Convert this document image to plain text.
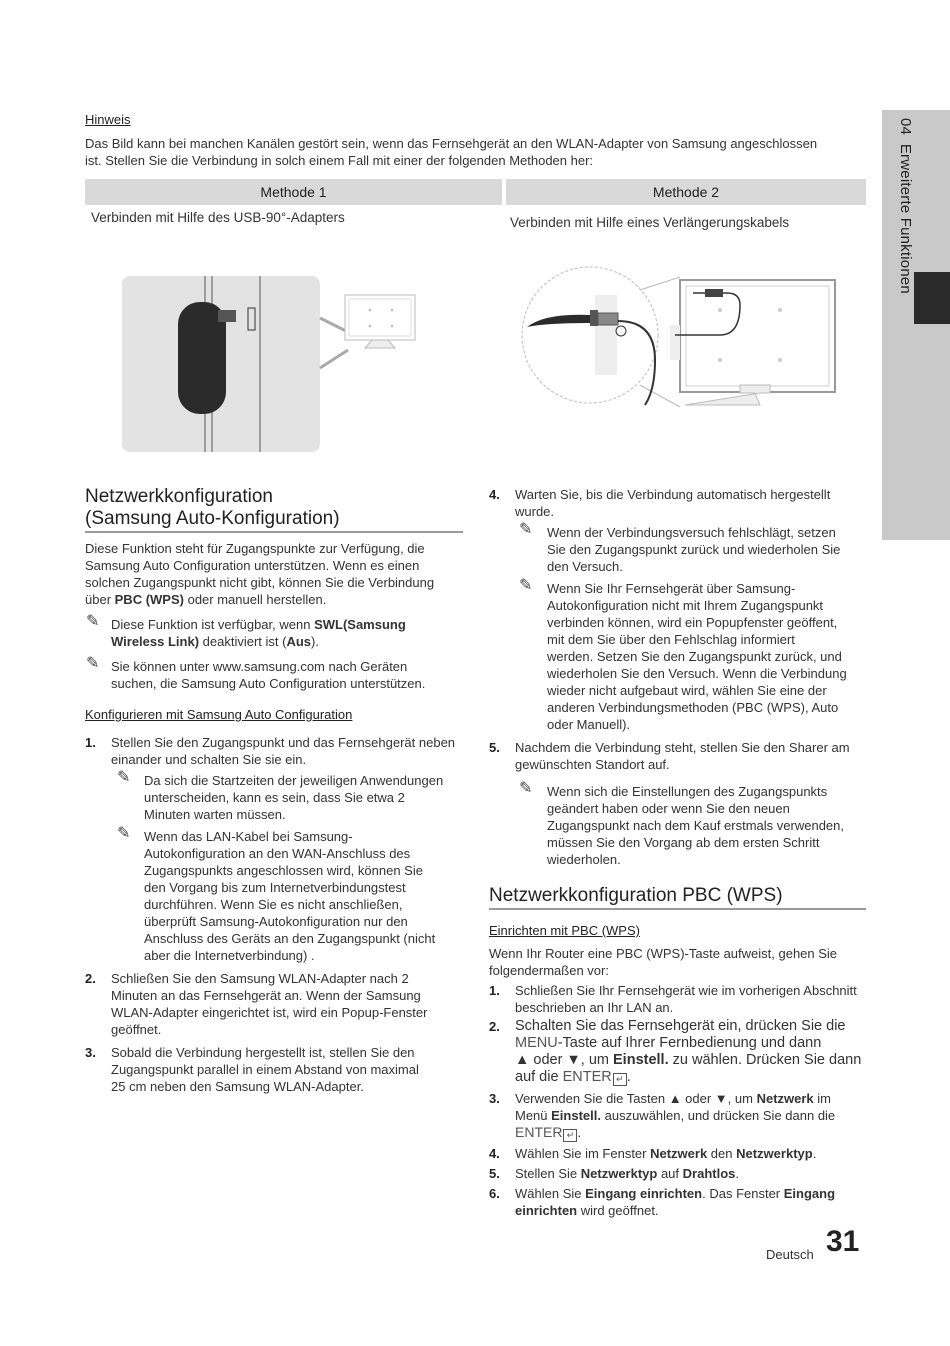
04  Erweiterte Funktionen
Hinweis
Das Bild kann bei manchen Kanälen gestört sein, wenn das Fernsehgerät an den WLAN-Adapter von Samsung angeschlossen
ist. Stellen Sie die Verbindung in solch einem Fall mit einer der folgenden Methoden her:
Methode 1	Methode 2
Verbinden mit Hilfe des USB-90°-Adapters	Verbinden mit Hilfe eines Verlängerungskabels
Netzwerkkonfiguration
(Samsung Auto-Konfiguration)
Diese Funktion steht für Zugangspunkte zur Verfügung, die
Samsung Auto Configuration unterstützen. Wenn es einen
solchen Zugangspunkt nicht gibt, können Sie die Verbindung
über PBC (WPS) oder manuell herstellen.
✎ Diese Funktion ist verfügbar, wenn SWL(Samsung
Wireless Link) deaktiviert ist (Aus).
✎ Sie können unter www.samsung.com nach Geräten
suchen, die Samsung Auto Configuration unterstützen.
Konfigurieren mit Samsung Auto Configuration
1. Stellen Sie den Zugangspunkt und das Fernsehgerät neben
einander und schalten Sie sie ein.
✎ Da sich die Startzeiten der jeweiligen Anwendungen
unterscheiden, kann es sein, dass Sie etwa 2
Minuten warten müssen.
✎ Wenn das LAN-Kabel bei Samsung-
Autokonfiguration an den WAN-Anschluss des
Zugangspunkts angeschlossen wird, können Sie
den Vorgang bis zum Internetverbindungstest
durchführen. Wenn Sie es nicht anschließen,
überprüft Samsung-Autokonfiguration nur den
Anschluss des Geräts an den Zugangspunkt (nicht
aber die Internetverbindung) .
2. Schließen Sie den Samsung WLAN-Adapter nach 2
Minuten an das Fernsehgerät an. Wenn der Samsung
WLAN-Adapter eingerichtet ist, wird ein Popup-Fenster
geöffnet.
3. Sobald die Verbindung hergestellt ist, stellen Sie den
Zugangspunkt parallel in einem Abstand von maximal
25 cm neben den Samsung WLAN-Adapter.
4. Warten Sie, bis die Verbindung automatisch hergestellt
wurde.
✎ Wenn der Verbindungsversuch fehlschlägt, setzen
Sie den Zugangspunkt zurück und wiederholen Sie
den Versuch.
✎ Wenn Sie Ihr Fernsehgerät über Samsung-
Autokonfiguration nicht mit Ihrem Zugangspunkt
verbinden können, wird ein Popupfenster geöffent,
mit dem Sie über den Fehlschlag informiert
werden. Setzen Sie den Zugangspunkt zurück, und
wiederholen Sie den Versuch. Wenn die Verbindung
wieder nicht aufgebaut wird, wählen Sie eine der
anderen Verbindungsmethoden (PBC (WPS), Auto
oder Manuell).
5. Nachdem die Verbindung steht, stellen Sie den Sharer am
gewünschten Standort auf.
✎ Wenn sich die Einstellungen des Zugangspunkts
geändert haben oder wenn Sie den neuen
Zugangspunkt nach dem Kauf erstmals verwenden,
müssen Sie den Vorgang ab dem ersten Schritt
wiederholen.
Netzwerkkonfiguration PBC (WPS)
Einrichten mit PBC (WPS)
Wenn Ihr Router eine PBC (WPS)-Taste aufweist, gehen Sie
folgendermaßen vor:
1. Schließen Sie Ihr Fernsehgerät wie im vorherigen Abschnitt
beschrieben an Ihr LAN an.
2. Schalten Sie das Fernsehgerät ein, drücken Sie die
MENU-Taste auf Ihrer Fernbedienung und dann
▲ oder ▼, um Einstell. zu wählen. Drücken Sie dann
auf die ENTER ↵ .
3. Verwenden Sie die Tasten ▲ oder ▼, um Netzwerk im
Menü Einstell. auszuwählen, und drücken Sie dann die
ENTER ↵ .
4. Wählen Sie im Fenster Netzwerk den Netzwerktyp.
5. Stellen Sie Netzwerktyp auf Drahtlos.
6. Wählen Sie Eingang einrichten. Das Fenster Eingang
einrichten wird geöffnet.
Deutsch 31
